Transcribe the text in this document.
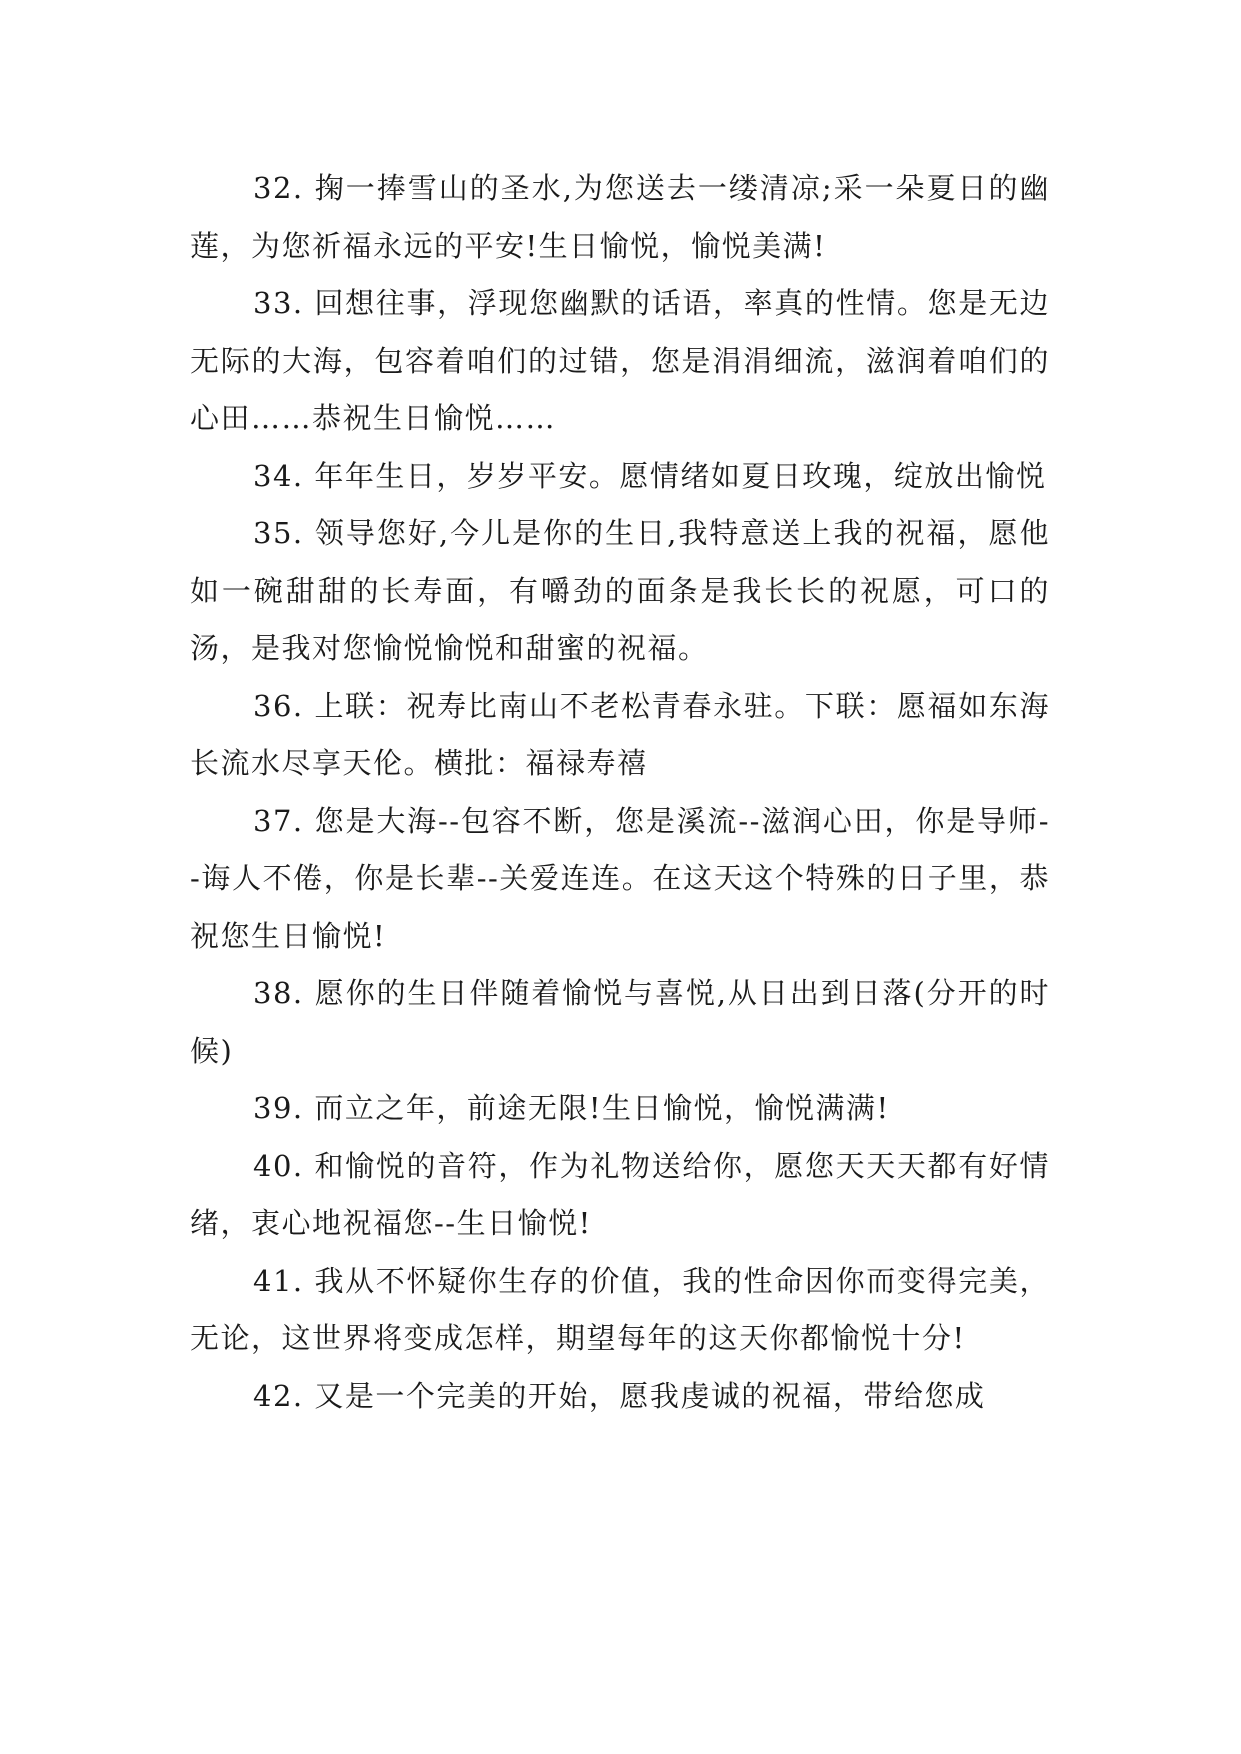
32. 掬一捧雪山的圣水,为您送去一缕清凉;采一朵夏日的幽莲，为您祈福永远的平安!生日愉悦，愉悦美满!

33. 回想往事，浮现您幽默的话语，率真的性情。您是无边无际的大海，包容着咱们的过错，您是涓涓细流，滋润着咱们的心田……恭祝生日愉悦……

34. 年年生日，岁岁平安。愿情绪如夏日玫瑰，绽放出愉悦

35. 领导您好,今儿是你的生日,我特意送上我的祝福，愿他如一碗甜甜的长寿面，有嚼劲的面条是我长长的祝愿，可口的汤，是我对您愉悦愉悦和甜蜜的祝福。

36. 上联：祝寿比南山不老松青春永驻。下联：愿福如东海长流水尽享天伦。横批：福禄寿禧

37. 您是大海--包容不断，您是溪流--滋润心田，你是导师--诲人不倦，你是长辈--关爱连连。在这天这个特殊的日子里，恭祝您生日愉悦!

38. 愿你的生日伴随着愉悦与喜悦,从日出到日落(分开的时候)

39. 而立之年，前途无限!生日愉悦，愉悦满满!

40. 和愉悦的音符，作为礼物送给你，愿您天天天都有好情绪，衷心地祝福您--生日愉悦!

41. 我从不怀疑你生存的价值，我的性命因你而变得完美，无论，这世界将变成怎样，期望每年的这天你都愉悦十分!

42. 又是一个完美的开始，愿我虔诚的祝福，带给您成
